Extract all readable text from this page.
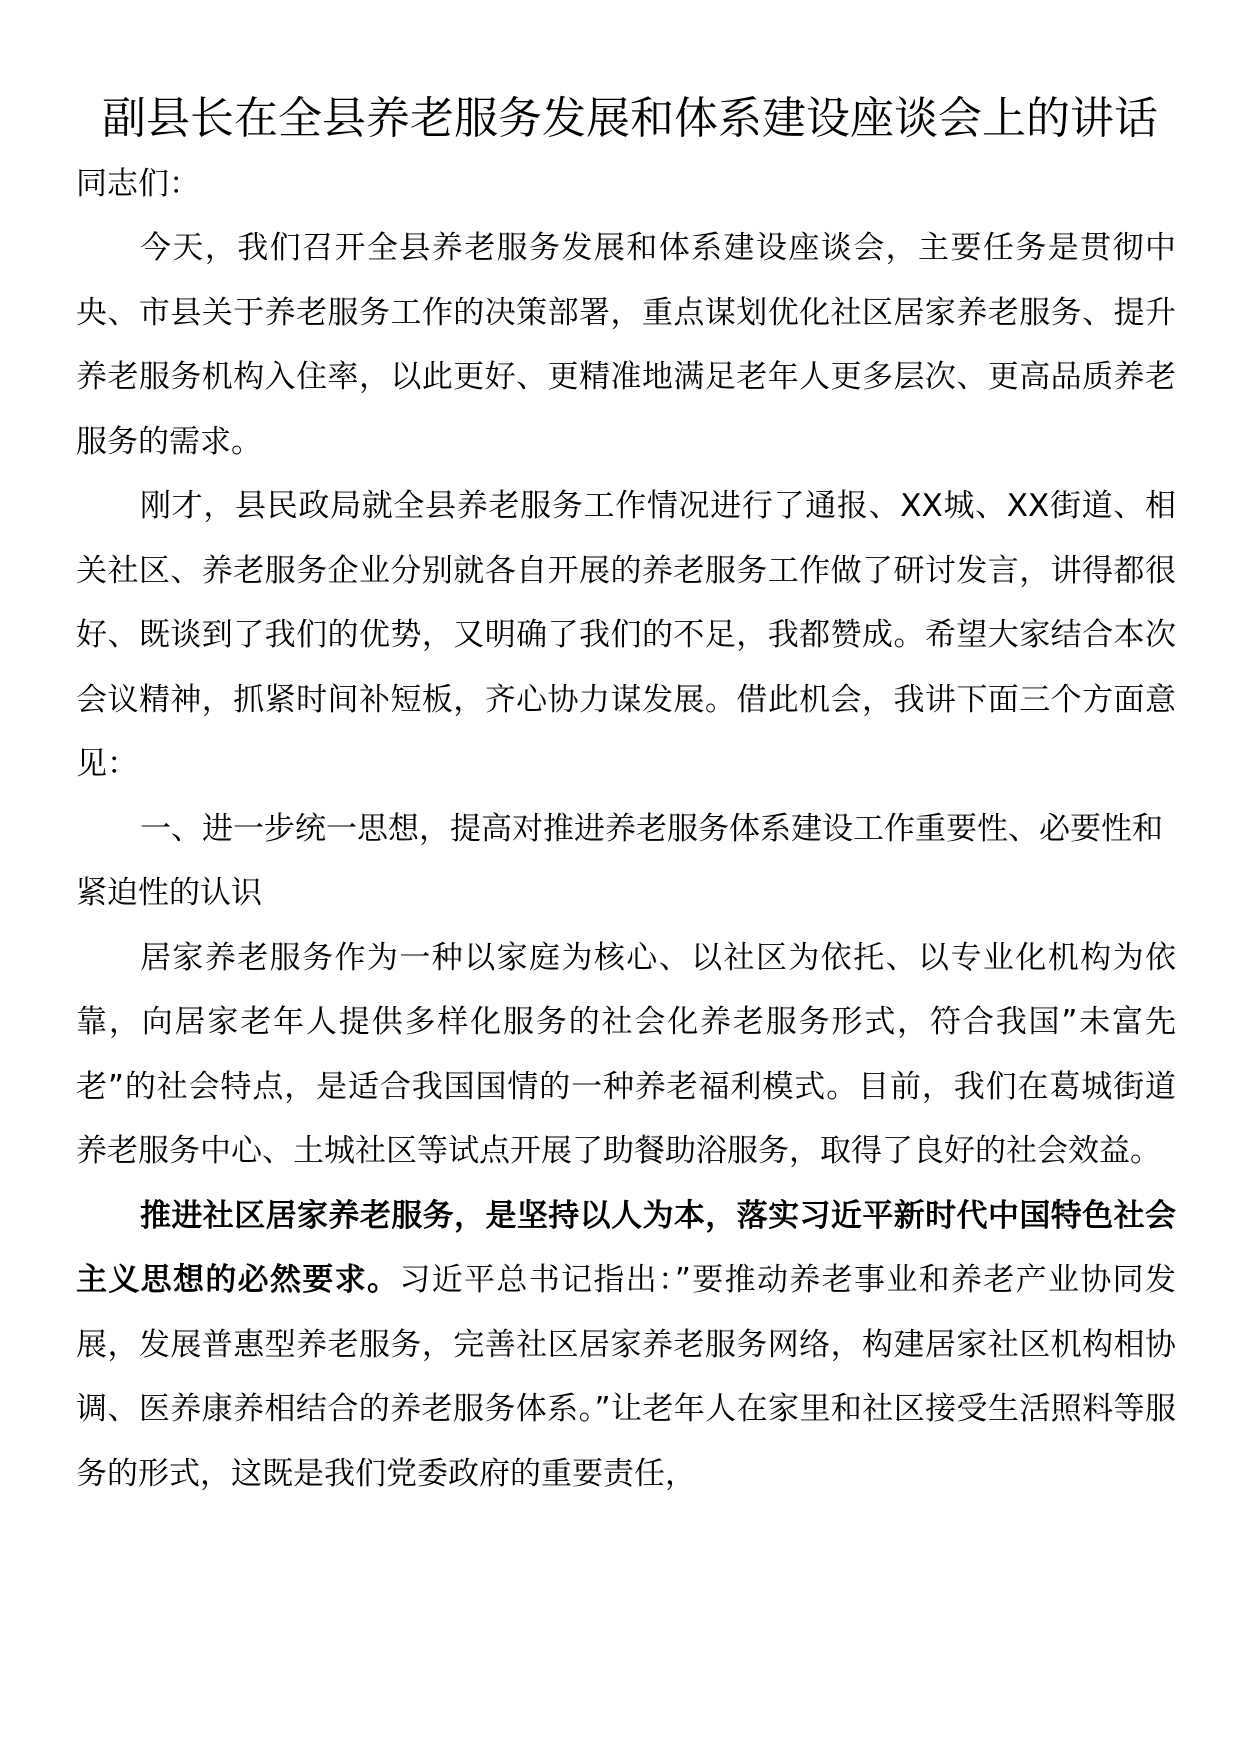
副县长在全县养老服务发展和体系建设座谈会上的讲话

同志们：

今天，我们召开全县养老服务发展和体系建设座谈会，主要任务是贯彻中央、市县关于养老服务工作的决策部署，重点谋划优化社区居家养老服务、提升养老服务机构入住率，以此更好、更精准地满足老年人更多层次、更高品质养老服务的需求。

刚才，县民政局就全县养老服务工作情况进行了通报、XX城、XX街道、相关社区、养老服务企业分别就各自开展的养老服务工作做了研讨发言，讲得都很好、既谈到了我们的优势，又明确了我们的不足，我都赞成。希望大家结合本次会议精神，抓紧时间补短板，齐心协力谋发展。借此机会，我讲下面三个方面意见：

一、进一步统一思想，提高对推进养老服务体系建设工作重要性、必要性和紧迫性的认识

居家养老服务作为一种以家庭为核心、以社区为依托、以专业化机构为依靠，向居家老年人提供多样化服务的社会化养老服务形式，符合我国”未富先老”的社会特点，是适合我国国情的一种养老福利模式。目前，我们在葛城街道养老服务中心、土城社区等试点开展了助餐助浴服务，取得了良好的社会效益。

推进社区居家养老服务，是坚持以人为本，落实习近平新时代中国特色社会主义思想的必然要求。习近平总书记指出：”要推动养老事业和养老产业协同发展，发展普惠型养老服务，完善社区居家养老服务网络，构建居家社区机构相协调、医养康养相结合的养老服务体系。”让老年人在家里和社区接受生活照料等服务的形式，这既是我们党委政府的重要责任，
